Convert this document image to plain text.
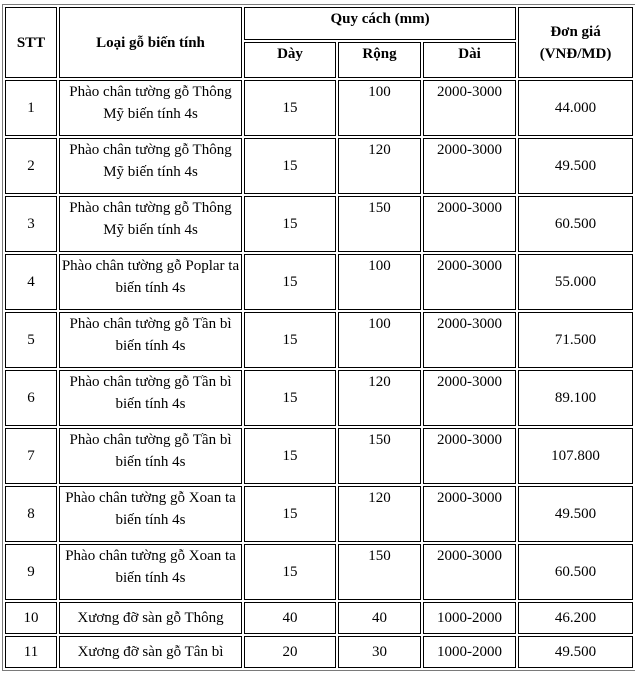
STT	Loại gỗ biến tính	Quy cách (mm)			Đơn giá (VNĐ/MD)
		Dày	Rộng	Dài	
1	Phào chân tường gỗ Thông Mỹ biến tính 4s	15	100	2000-3000	44.000
2	Phào chân tường gỗ Thông Mỹ biến tính 4s	15	120	2000-3000	49.500
3	Phào chân tường gỗ Thông Mỹ biến tính 4s	15	150	2000-3000	60.500
4	Phào chân tường gỗ Poplar ta biến tính 4s	15	100	2000-3000	55.000
5	Phào chân tường gỗ Tần bì biến tính 4s	15	100	2000-3000	71.500
6	Phào chân tường gỗ Tần bì biến tính 4s	15	120	2000-3000	89.100
7	Phào chân tường gỗ Tần bì biến tính 4s	15	150	2000-3000	107.800
8	Phào chân tường gỗ Xoan ta biến tính 4s	15	120	2000-3000	49.500
9	Phào chân tường gỗ Xoan ta biến tính 4s	15	150	2000-3000	60.500
10	Xương đỡ sàn gỗ Thông	40	40	1000-2000	46.200
11	Xương đỡ sàn gỗ Tân bì	20	30	1000-2000	49.500
